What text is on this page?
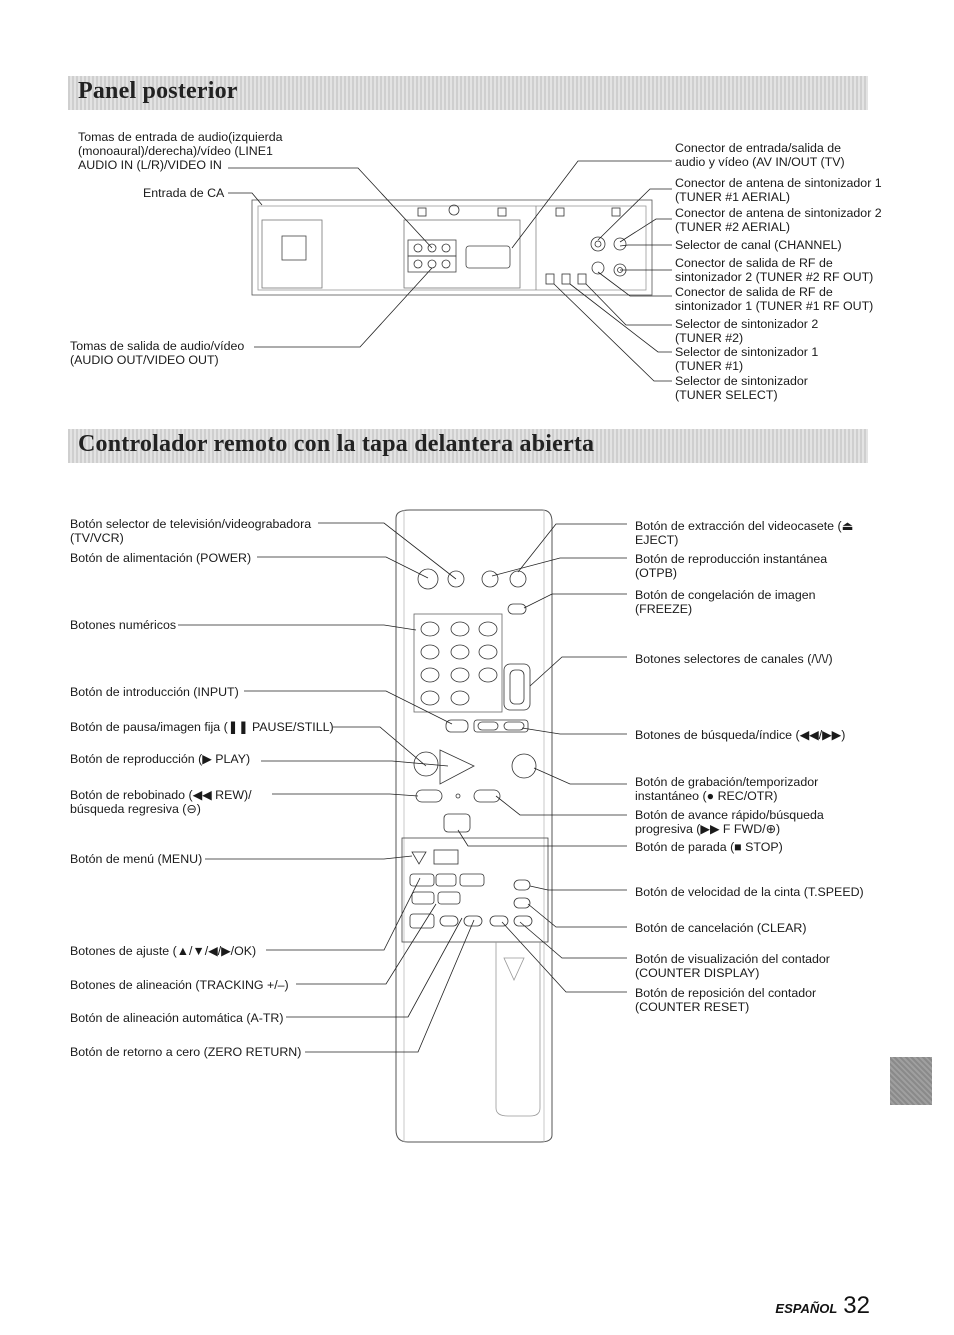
Panel posterior
Controlador remoto con la tapa delantera abierta
Tomas de entrada de audio(izquierda
(monoaural)/derecha)/vídeo (LINE1
AUDIO IN (L/R)/VIDEO IN
Entrada de CA
Tomas de salida de audio/vídeo
(AUDIO OUT/VIDEO OUT)
Conector de entrada/salida de
audio y vídeo (AV IN/OUT (TV)
Conector de antena de sintonizador 1
(TUNER #1 AERIAL)
Conector de antena de sintonizador 2
(TUNER #2 AERIAL)
Selector de canal (CHANNEL)
Conector de salida de RF de
sintonizador 2 (TUNER #2 RF OUT)
Conector de salida de RF de
sintonizador 1 (TUNER #1 RF OUT)
Selector de sintonizador 2
(TUNER #2)
Selector de sintonizador 1
(TUNER #1)
Selector de sintonizador
(TUNER SELECT)
Botón selector de televisión/videograbadora
(TV/VCR)
Botón de alimentación (POWER)
Botones numéricos
Botón de introducción (INPUT)
Botón de pausa/imagen fija (❚❚ PAUSE/STILL)
Botón de reproducción (▶ PLAY)
Botón de rebobinado (◀◀ REW)/
búsqueda regresiva (⊖)
Botón de menú (MENU)
Botones de ajuste (▲/▼/◀/▶/OK)
Botones de alineación (TRACKING +/–)
Botón de alineación automática (A-TR)
Botón de retorno a cero (ZERO RETURN)
Botón de extracción del videocasete (⏏
EJECT)
Botón de reproducción instantánea
(OTPB)
Botón de congelación de imagen
(FREEZE)
Botones selectores de canales (/\/\/)
Botones de búsqueda/índice (◀◀/▶▶)
Botón de grabación/temporizador
instantáneo (● REC/OTR)
Botón de avance rápido/búsqueda
progresiva (▶▶ F FWD/⊕)
Botón de parada (■ STOP)
Botón de velocidad de la cinta (T.SPEED)
Botón de cancelación (CLEAR)
Botón de visualización del contador
(COUNTER DISPLAY)
Botón de reposición del contador
(COUNTER RESET)
ESPAÑOL 32
